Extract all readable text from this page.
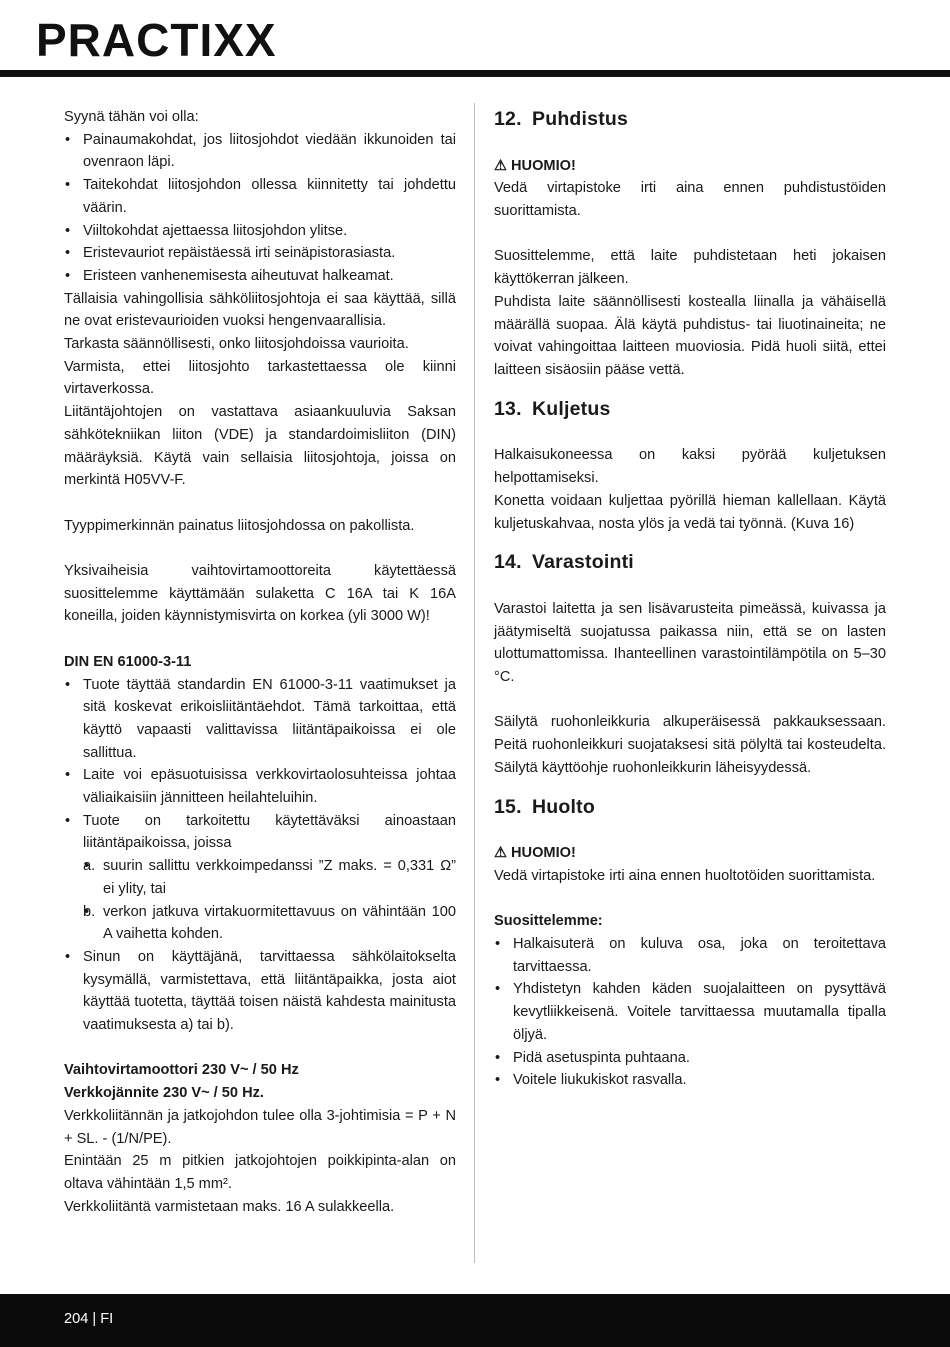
PRACTIXX

Syynä tähän voi olla:

• Painaumakohdat, jos liitosjohdot viedään ikkunoiden tai ovenraon läpi.
• Taitekohdat liitosjohdon ollessa kiinnitetty tai johdettu väärin.
• Viiltokohdat ajettaessa liitosjohdon ylitse.
• Eristevauriot repäistäessä irti seinäpistorasiasta.
• Eristeen vanhenemisesta aiheutuvat halkeamat.

Tällaisia vahingollisia sähköliitosjohtoja ei saa käyttää, sillä ne ovat eristevaurioiden vuoksi hengenvaarallisia.

Tarkasta säännöllisesti, onko liitosjohdoissa vaurioita.

Varmista, ettei liitosjohto tarkastettaessa ole kiinni virtaverkossa.

Liitäntäjohtojen on vastattava asiaankuuluvia Saksan sähkötekniikan liiton (VDE) ja standardoimisliiton (DIN) määräyksiä. Käytä vain sellaisia liitosjohtoja, joissa on merkintä H05VV-F.

Tyyppimerkinnän painatus liitosjohdossa on pakollista.

Yksivaiheisia vaihtovirtamoottoreita käytettäessä suosittelemme käyttämään sulaketta C 16A tai K 16A koneilla, joiden käynnistymisvirta on korkea (yli 3000 W)!

DIN EN 61000-3-11

• Tuote täyttää standardin EN 61000-3-11 vaatimukset ja sitä koskevat erikoisliitäntäehdot. Tämä tarkoittaa, että käyttö vapaasti valittavissa liitäntäpaikoissa ei ole sallittua.
• Laite voi epäsuotuisissa verkkovirtaolosuhteissa johtaa väliaikaisiin jännitteen heilahteluihin.
• Tuote on tarkoitettu käytettäväksi ainoastaan liitäntäpaikoissa, joissa
• a. suurin sallittu verkkoimpedanssi ”Z maks. = 0,331 Ω” ei ylity, tai
• b. verkon jatkuva virtakuormitettavuus on vähintään 100 A vaihetta kohden.
• Sinun on käyttäjänä, tarvittaessa sähkölaitokselta kysymällä, varmistettava, että liitäntäpaikka, josta aiot käyttää tuotetta, täyttää toisen näistä kahdesta mainitusta vaatimuksesta a) tai b).

Vaihtovirtamoottori 230 V~ / 50 Hz

Verkkojännite 230 V~ / 50 Hz.

Verkkoliitännän ja jatkojohdon tulee olla 3-johtimisia = P + N + SL. - (1/N/PE).

Enintään 25 m pitkien jatkojohtojen poikkipinta-alan on oltava vähintään 1,5 mm².

Verkkoliitäntä varmistetaan maks. 16 A sulakkeella.

12. Puhdistus

⚠ HUOMIO!

Vedä virtapistoke irti aina ennen puhdistustöiden suorittamista.

Suosittelemme, että laite puhdistetaan heti jokaisen käyttökerran jälkeen.

Puhdista laite säännöllisesti kostealla liinalla ja vähäisellä määrällä suopaa. Älä käytä puhdistus- tai liuotinaineita; ne voivat vahingoittaa laitteen muoviosia. Pidä huoli siitä, ettei laitteen sisäosiin pääse vettä.

13. Kuljetus

Halkaisukoneessa on kaksi pyörää kuljetuksen helpottamiseksi.

Konetta voidaan kuljettaa pyörillä hieman kallellaan. Käytä kuljetuskahvaa, nosta ylös ja vedä tai työnnä. (Kuva 16)

14. Varastointi

Varastoi laitetta ja sen lisävarusteita pimeässä, kuivassa ja jäätymiseltä suojatussa paikassa niin, että se on lasten ulottumattomissa. Ihanteellinen varastointilämpötila on 5–30 °C.

Säilytä ruohonleikkuria alkuperäisessä pakkauksessaan. Peitä ruohonleikkuri suojataksesi sitä pölyltä tai kosteudelta. Säilytä käyttöohje ruohonleikkurin läheisyydessä.

15. Huolto

⚠ HUOMIO!

Vedä virtapistoke irti aina ennen huoltotöiden suorittamista.

Suosittelemme:

• Halkaisuterä on kuluva osa, joka on teroitettava tarvittaessa.
• Yhdistetyn kahden käden suojalaitteen on pysyttävä kevytliikkeisenä. Voitele tarvittaessa muutamalla tipalla öljyä.
• Pidä asetuspinta puhtaana.
• Voitele liukukiskot rasvalla.
204 | FI
